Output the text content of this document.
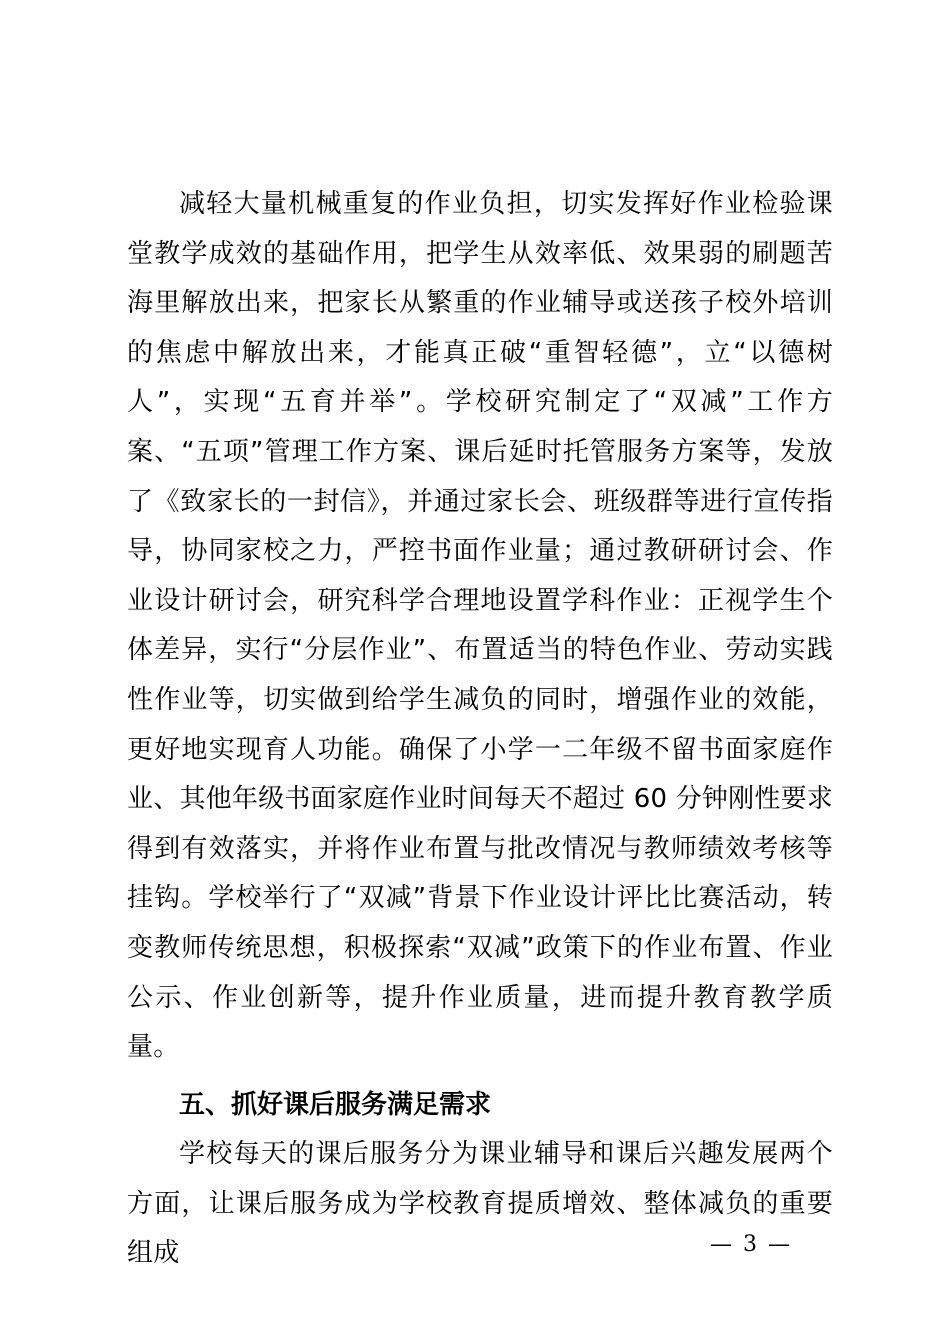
减轻大量机械重复的作业负担，切实发挥好作业检验课堂教学成效的基础作用，把学生从效率低、效果弱的刷题苦海里解放出来，把家长从繁重的作业辅导或送孩子校外培训的焦虑中解放出来，才能真正破“重智轻德”，立“以德树人”，实现“五育并举”。学校研究制定了“双减”工作方案、“五项”管理工作方案、课后延时托管服务方案等，发放了《致家长的一封信》，并通过家长会、班级群等进行宣传指导，协同家校之力，严控书面作业量；通过教研研讨会、作业设计研讨会，研究科学合理地设置学科作业：正视学生个体差异，实行“分层作业”、布置适当的特色作业、劳动实践性作业等，切实做到给学生减负的同时，增强作业的效能，更好地实现育人功能。确保了小学一二年级不留书面家庭作业、其他年级书面家庭作业时间每天不超过 60 分钟刚性要求得到有效落实，并将作业布置与批改情况与教师绩效考核等挂钩。学校举行了“双减”背景下作业设计评比比赛活动，转变教师传统思想，积极探索“双减”政策下的作业布置、作业公示、作业创新等，提升作业质量，进而提升教育教学质量。

五、抓好课后服务满足需求

学校每天的课后服务分为课业辅导和课后兴趣发展两个方面，让课后服务成为学校教育提质增效、整体减负的重要组成	— 3 —
